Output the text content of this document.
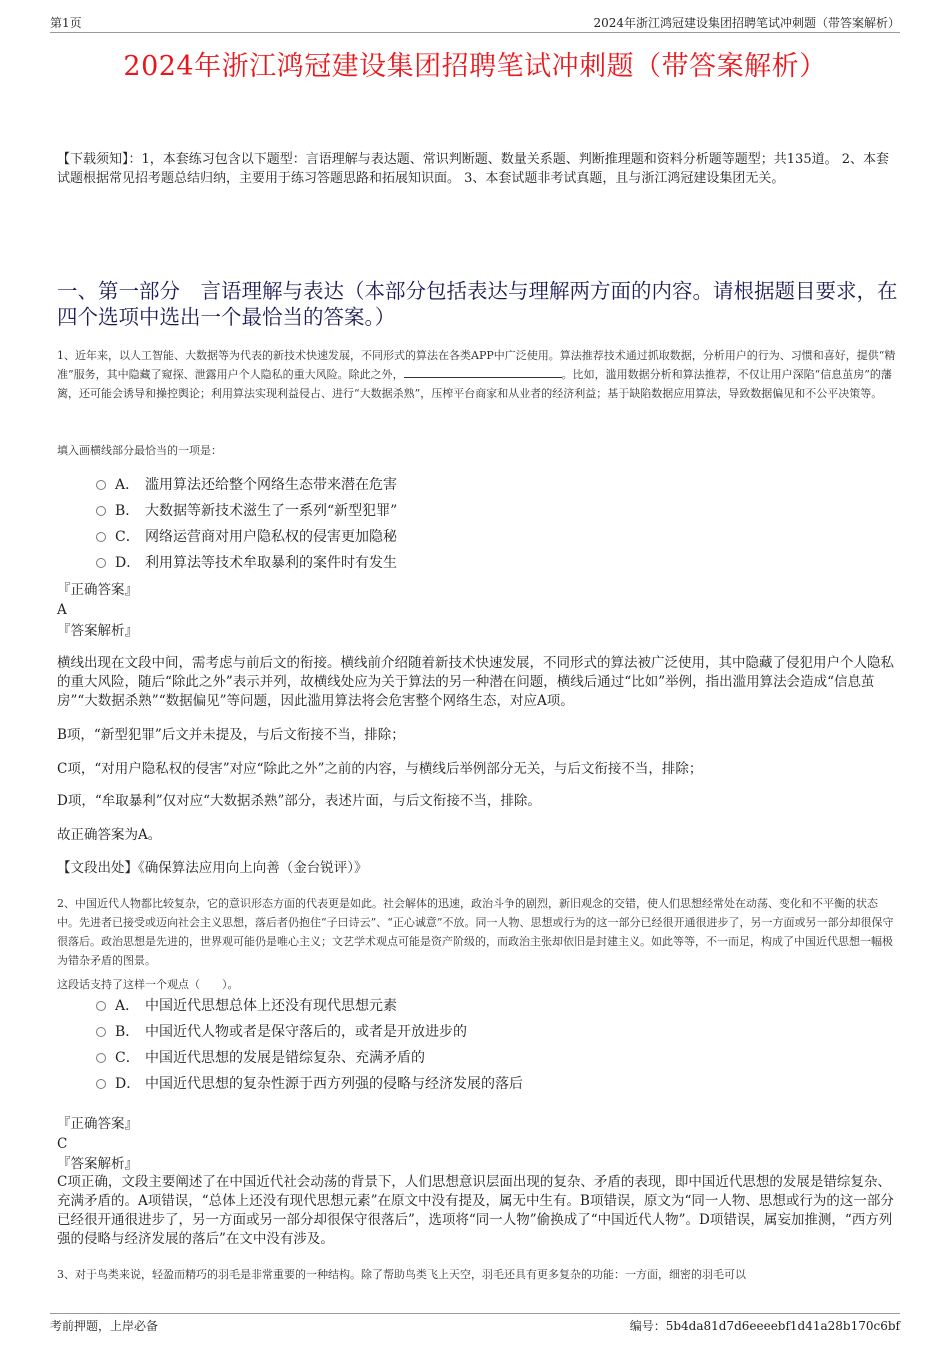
第1页	2024年浙江鸿冠建设集团招聘笔试冲刺题（带答案解析）
2024年浙江鸿冠建设集团招聘笔试冲刺题（带答案解析）
【下载须知】：1，本套练习包含以下题型：言语理解与表达题、常识判断题、数量关系题、判断推理题和资料分析题等题型；共135道。 2、本套试题根据常见招考题总结归纳，主要用于练习答题思路和拓展知识面。 3、本套试题非考试真题，且与浙江鸿冠建设集团无关。
一、第一部分　言语理解与表达（本部分包括表达与理解两方面的内容。请根据题目要求，在四个选项中选出一个最恰当的答案。）
1、近年来，以人工智能、大数据等为代表的新技术快速发展，不同形式的算法在各类APP中广泛使用。算法推荐技术通过抓取数据，分析用户的行为、习惯和喜好，提供“精准”服务，其中隐藏了窥探、泄露用户个人隐私的重大风险。除此之外，	。比如，滥用数据分析和算法推荐，不仅让用户深陷“信息茧房”的藩篱，还可能会诱导和操控舆论；利用算法实现利益侵占、进行“大数据杀熟”，压榨平台商家和从业者的经济利益；基于缺陷数据应用算法，导致数据偏见和不公平决策等。
填入画横线部分最恰当的一项是：
A． 滥用算法还给整个网络生态带来潜在危害
B． 大数据等新技术滋生了一系列“新型犯罪”
C． 网络运营商对用户隐私权的侵害更加隐秘
D． 利用算法等技术牟取暴利的案件时有发生
『正确答案』
A
『答案解析』
横线出现在文段中间，需考虑与前后文的衔接。横线前介绍随着新技术快速发展，不同形式的算法被广泛使用，其中隐藏了侵犯用户个人隐私的重大风险，随后“除此之外”表示并列，故横线处应为关于算法的另一种潜在问题，横线后通过“比如”举例，指出滥用算法会造成“信息茧房”“大数据杀熟”“数据偏见”等问题，因此滥用算法将会危害整个网络生态，对应A项。
B项，“新型犯罪”后文并未提及，与后文衔接不当，排除；
C项，“对用户隐私权的侵害”对应“除此之外”之前的内容，与横线后举例部分无关，与后文衔接不当，排除；
D项，“牟取暴利”仅对应“大数据杀熟”部分，表述片面，与后文衔接不当，排除。
故正确答案为A。
【文段出处】《确保算法应用向上向善（金台锐评）》
2、中国近代人物都比较复杂，它的意识形态方面的代表更是如此。社会解体的迅速，政治斗争的剧烈，新旧观念的交错，使人们思想经常处在动荡、变化和不平衡的状态中。先进者已接受或迈向社会主义思想，落后者仍抱住“子曰诗云”、“正心诚意”不放。同一人物、思想或行为的这一部分已经很开通很进步了，另一方面或另一部分却很保守很落后。政治思想是先进的，世界观可能仍是唯心主义；文艺学术观点可能是资产阶级的，而政治主张却依旧是封建主义。如此等等，不一而足，构成了中国近代思想一幅极为错杂矛盾的图景。
这段话支持了这样一个观点（　　）。
A． 中国近代思想总体上还没有现代思想元素
B． 中国近代人物或者是保守落后的，或者是开放进步的
C． 中国近代思想的发展是错综复杂、充满矛盾的
D． 中国近代思想的复杂性源于西方列强的侵略与经济发展的落后
『正确答案』
C
『答案解析』
C项正确，文段主要阐述了在中国近代社会动荡的背景下，人们思想意识层面出现的复杂、矛盾的表现，即中国近代思想的发展是错综复杂、充满矛盾的。A项错误，“总体上还没有现代思想元素”在原文中没有提及，属无中生有。B项错误，原文为“同一人物、思想或行为的这一部分已经很开通很进步了，另一方面或另一部分却很保守很落后”，选项将“同一人物”偷换成了“中国近代人物”。D项错误，属妄加推测，“西方列强的侵略与经济发展的落后”在文中没有涉及。
3、对于鸟类来说，轻盈而精巧的羽毛是非常重要的一种结构。除了帮助鸟类飞上天空，羽毛还具有更多复杂的功能：一方面，细密的羽毛可以
考前押题，上岸必备	编号：5b4da81d7d6eeeebf1d41a28b170c6bf
